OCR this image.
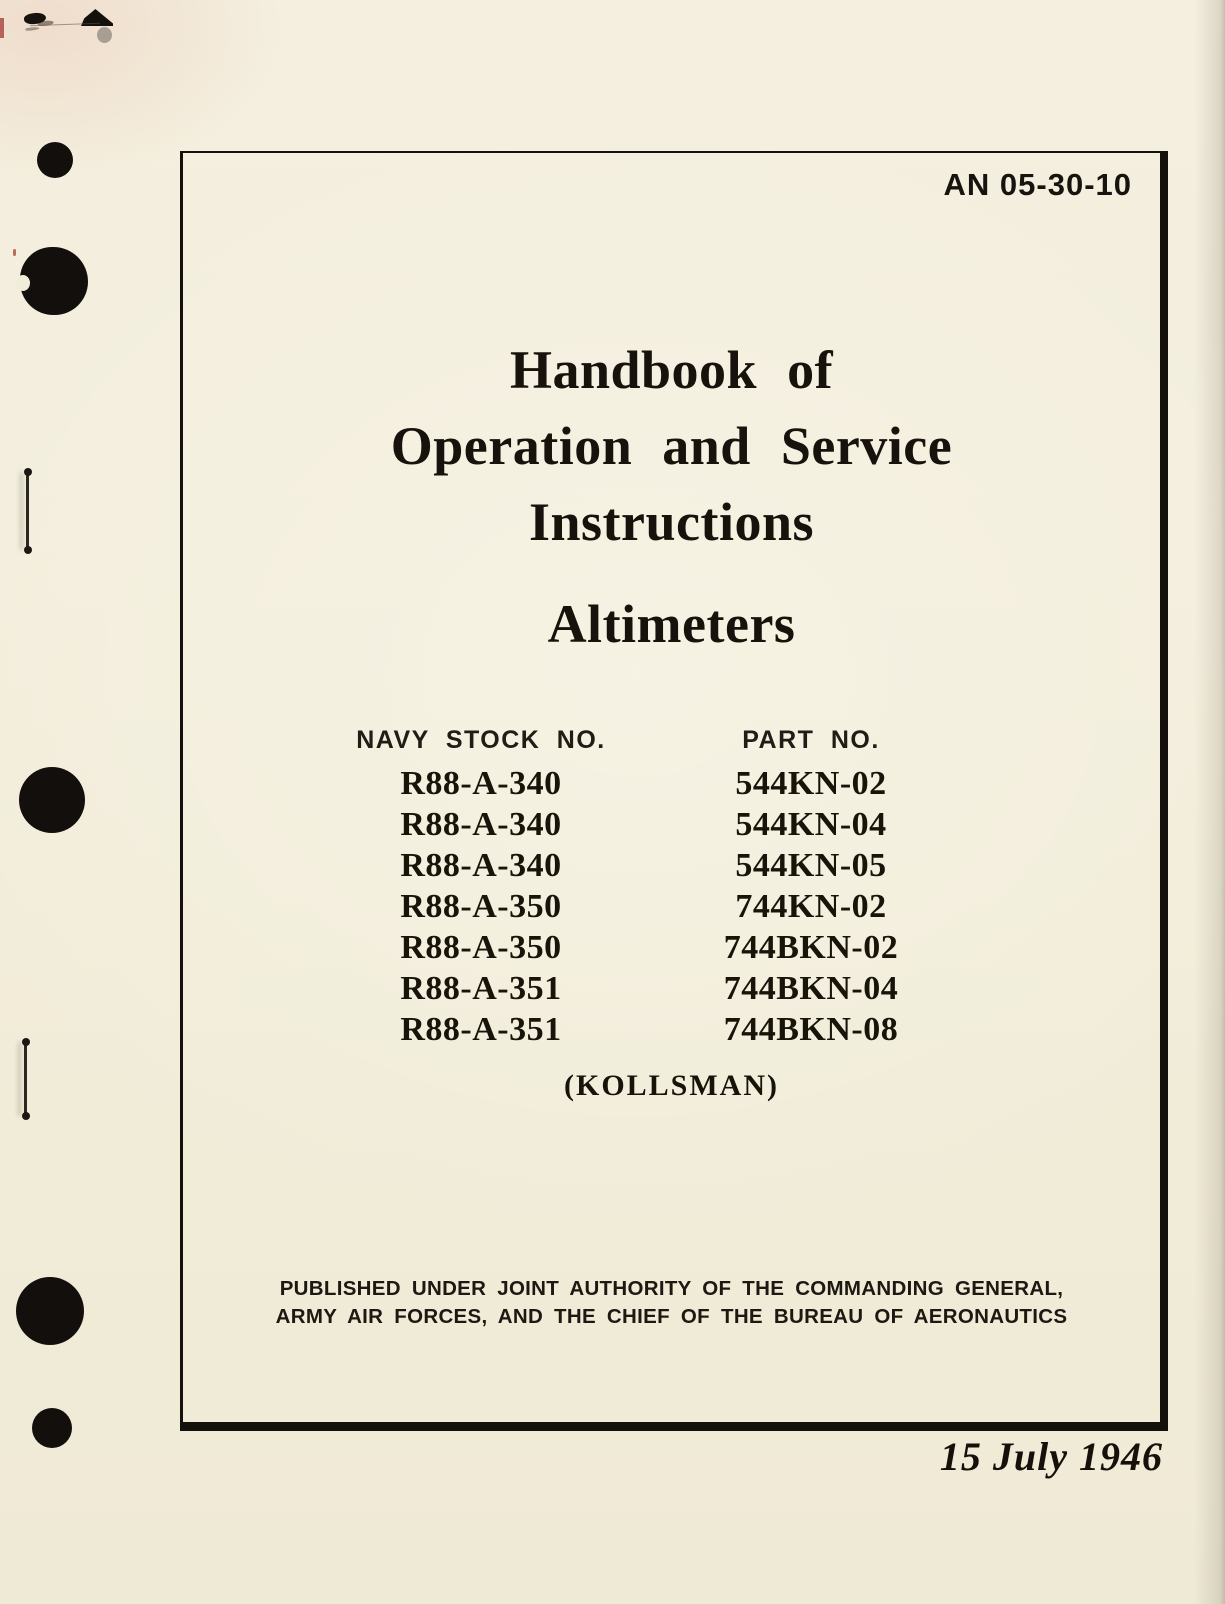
AN 05-30-10
Handbook of
Operation and Service
Instructions
Altimeters
NAVY STOCK NO.	PART NO.
R88-A-340	544KN-02
R88-A-340	544KN-04
R88-A-340	544KN-05
R88-A-350	744KN-02
R88-A-350	744BKN-02
R88-A-351	744BKN-04
R88-A-351	744BKN-08
(KOLLSMAN)
PUBLISHED UNDER JOINT AUTHORITY OF THE COMMANDING GENERAL,
ARMY AIR FORCES, AND THE CHIEF OF THE BUREAU OF AERONAUTICS
15 July 1946
